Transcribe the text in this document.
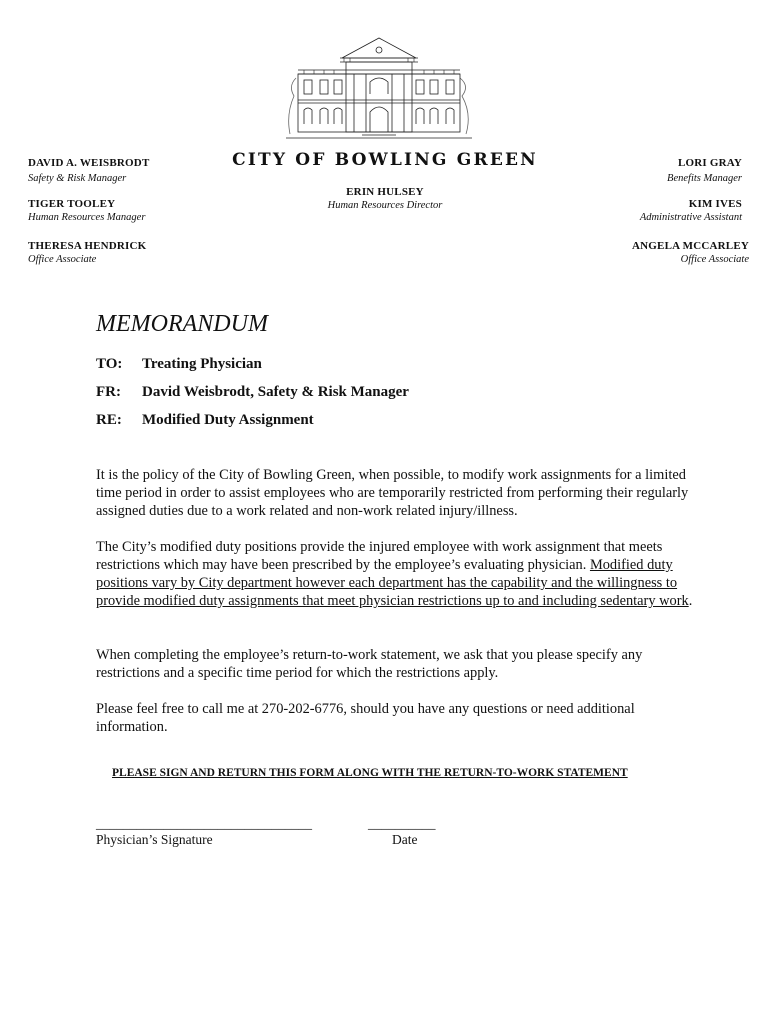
CITY OF BOWLING GREEN
DAVID A. WEISBRODT
Safety & Risk Manager
TIGER TOOLEY
Human Resources Manager
THERESA HENDRICK
Office Associate
ERIN HULSEY
Human Resources Director
LORI GRAY
Benefits Manager
KIM IVES
Administrative Assistant
ANGELA MCCARLEY
Office Associate
MEMORANDUM
TO: Treating Physician
FR: David Weisbrodt, Safety & Risk Manager
RE: Modified Duty Assignment
It is the policy of the City of Bowling Green, when possible, to modify work assignments for a limited time period in order to assist employees who are temporarily restricted from performing their regularly assigned duties due to a work related and non-work related injury/illness.
The City’s modified duty positions provide the injured employee with work assignment that meets restrictions which may have been prescribed by the employee’s evaluating physician. Modified duty positions vary by City department however each department has the capability and the willingness to provide modified duty assignments that meet physician restrictions up to and including sedentary work.
When completing the employee’s return-to-work statement, we ask that you please specify any restrictions and a specific time period for which the restrictions apply.
Please feel free to call me at 270-202-6776, should you have any questions or need additional information.
PLEASE SIGN AND RETURN THIS FORM ALONG WITH THE RETURN-TO-WORK STATEMENT
________________________________
Physician’s Signature
__________
Date
